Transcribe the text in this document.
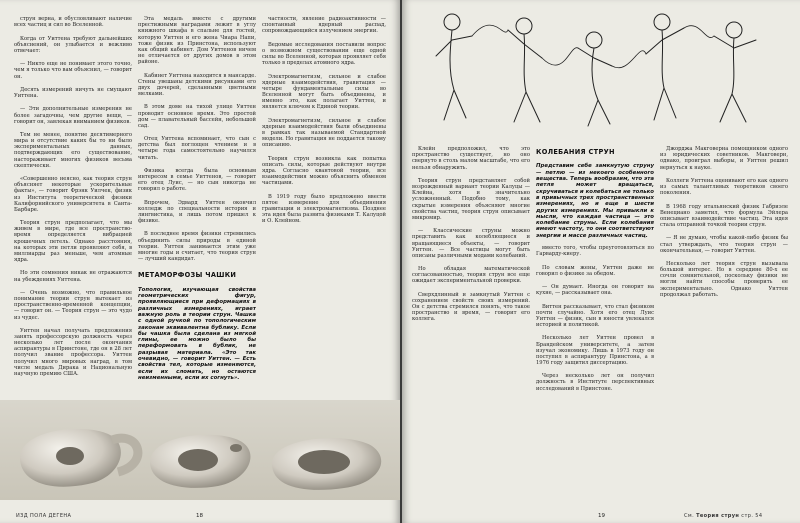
струн верна, и обусловливают наличие всех частиц и сил во Вселенной.

Когда от Уиттена требуют дальнейших объяснений, он улыбается и вежливо отвечает:

— Никто еще не понимает этого точно, чем я только что вам объяснил, — говорит он.

Десять измерений ничуть не смущают Уиттена.

— Эти дополнительные измерения не более загадочны, чем другие вещи, — говорит он, завлекая вниманием физиков.

Тем не менее, понятие десятимерного мира и отсутствие каких бы то ни было экспериментальных данных, подтверждающих его существование, настораживает многих физиков весьма скептически.

«Совершенно неясно, как теория струн объясняет некоторые ускорительные факты», — говорит Фрэнк Уилчек, физик из Института теоретической физики Калифорнийского университета в Санта-Барбаре.

Теория струн предполагает, что мы живем в мире, где все пространство-время определяется вибрацией крошечных петель. Однако расстояния, на которых эти петли проявляют себя, в миллиарды раз меньше, чем атомные ядра.

Но эти сомнения никак не отражаются на убеждениях Уиттена.

— Очень возможно, что правильное понимание теории струн вытекает из пространственно-временной концепции, — говорит он. — Теория струн — это чудо из чудес.

Уиттен начал получать предложения занять профессорскую должность через несколько лет после окончания аспирантуры в Принстоне, где он в 28 лет получил звание профессора. Уиттен получил много мировых наград, в том числе медаль Дирака и Национальную научную премию США.

Эта медаль вместе с другими престижными наградами лежит в углу книжного шкафа в спальне для гостей, которую Уиттен и его жена Чиара Напи, тоже физик из Принстона, используют как общий кабинет. Дом Уиттенов ничем не отличается от других домов в этом районе.

Кабинет Уиттена находится в мансарде. Стены увешаны детскими рисунками его двух дочерей, сделанными цветными мелками.

В этом доме на тихой улице Уиттен проводит основное время. Это простой дом — плавательный бассейн, небольшой сад.

Отец Уиттена вспоминает, что сын с детства был поглощен чтением и в четыре года самостоятельно научился читать.

Физика всегда была основным интересом в семье Уиттенов, — говорит его отец Луис, — но сын никогда не говорил о работе.

Впрочем, Эдвард Уиттен окончил колледж по специальности история и лингвистика, и лишь потом пришел к физике.

В последнее время физики стремились объединить силы природы в единой теории. Уиттен занимается этим уже многие годы и считает, что теория струн — лучший кандидат.

МЕТАМОРФОЗЫ ЧАШКИ

Топология, изучающая свойства геометрических фигур, проявляющиеся при деформациях в различных измерениях, играет важную роль в теории струн. Чашка с одной ручкой по топологическим законам эквивалентна бублику. Если бы чашка была сделана из мягкой глины, ее можно было бы переформовать в бублик, не разрывая материала. «Это так очевидно, — говорит Уиттен. — Есть свойства тел, которые изменяются, если их сломать, но остаются неизменными, если их согнуть».

частности, явление радиоактивности — спонтанный ядерный распад, сопровождающийся излучением энергии.

Ведомые исследования поставили вопрос о возможном существовании еще одной силы во Вселенной, которая проявляет себя только в пределах атомного ядра.

Электромагнетизм, сильное и слабое ядерные взаимодействия, гравитация — четыре фундаментальные силы во Вселенной могут быть объединены, и именно это, как полагает Уиттен, и является ключом к Единой теории.

Электромагнетизм, сильное и слабое ядерные взаимодействия были объединены в рамках так называемой Стандартной модели. Но гравитация не поддается такому описанию.

Теория струн возникла как попытка описать силы, которые действуют внутри ядра. Согласно квантовой теории, все взаимодействия можно объяснить обменом частицами.

В 1919 году было предложено ввести пятое измерение для объединения гравитации и электромагнетизма. Позднее эта идея была развита физиками Т. Калуцой и О. Клейном.

ИЗД ПОЛА ДЕГЕНА	18

Клейн предположил, что это пространство существует, но оно свернуто в столь малом масштабе, что его нельзя обнаружить.

Теория струн представляет собой возрожденный вариант теории Калуцы — Клейна, хотя и значительно усложненный. Подобно тому, как скрытые измерения объясняют многие свойства частиц, теория струн описывает микромир.

— Классические струны можно представить как колеблющиеся и вращающиеся объекты, — говорит Уиттен. — Все частицы могут быть описаны различными модами колебаний.

Но обладая математической согласованностью, теория струн все еще ожидает экспериментальной проверки.

Сверхдлинный и замкнутый Уиттен с сохранением свойств своих измерений. Он с детства стремился понять, что такое пространство и время, — говорит его коллега.

КОЛЕБАНИЯ СТРУН

Представим себе замкнутую струну — петлю — из некоего особенного вещества. Теперь вообразим, что эта петля может вращаться, скручиваться и колебаться не только в привычных трех пространственных измерениях, но и еще в шести других измерениях. Мы привыкли к мысли, что каждая частица — это колебание струны. Если колебания имеют частоту, то они соответствуют энергии и массе различных частиц.

вместо того, чтобы преуготовляться по Гарварду-киеру.

По словам жены, Уиттен даже не говорил о физике за обедом.

— Он думает. Иногда он говорит на кухне, — рассказывает она.

Виттен рассказывает, что стал физиком почти случайно. Хотя его отец Луис Уиттен — физик, сын в юности увлекался историей и политикой.

Несколько лет Уиттен провел в Брандейском университете, а затем изучал экономику. Лишь в 1973 году он поступил в аспирантуру Принстона, а в 1976 году защитил диссертацию.

Через несколько лет он получил должность в Институте перспективных исследований в Принстоне.

Джорджа Макговерна помощником одного из юридических советников. Макговерн, однако, проиграл выборы, и Уиттен решил вернуться к науке.

Коллеги Уиттена оценивают его как одного из самых талантливых теоретиков своего поколения.

В 1968 году итальянский физик Габриэле Венециано заметил, что формула Эйлера описывает взаимодействие частиц. Эта идея стала отправной точкой теории струн.

— Я не думаю, чтобы какой-либо физик бы стал утверждать, что теория струн — окончательная, — говорит Уиттен.

Несколько лет теория струн вызывала большой интерес. Но в середине 80-х ее сочли сомнительной, поскольку физики не могли найти способы проверить ее экспериментально. Однако Уиттен продолжал работать.

19	См. Теория струн стр. 54
